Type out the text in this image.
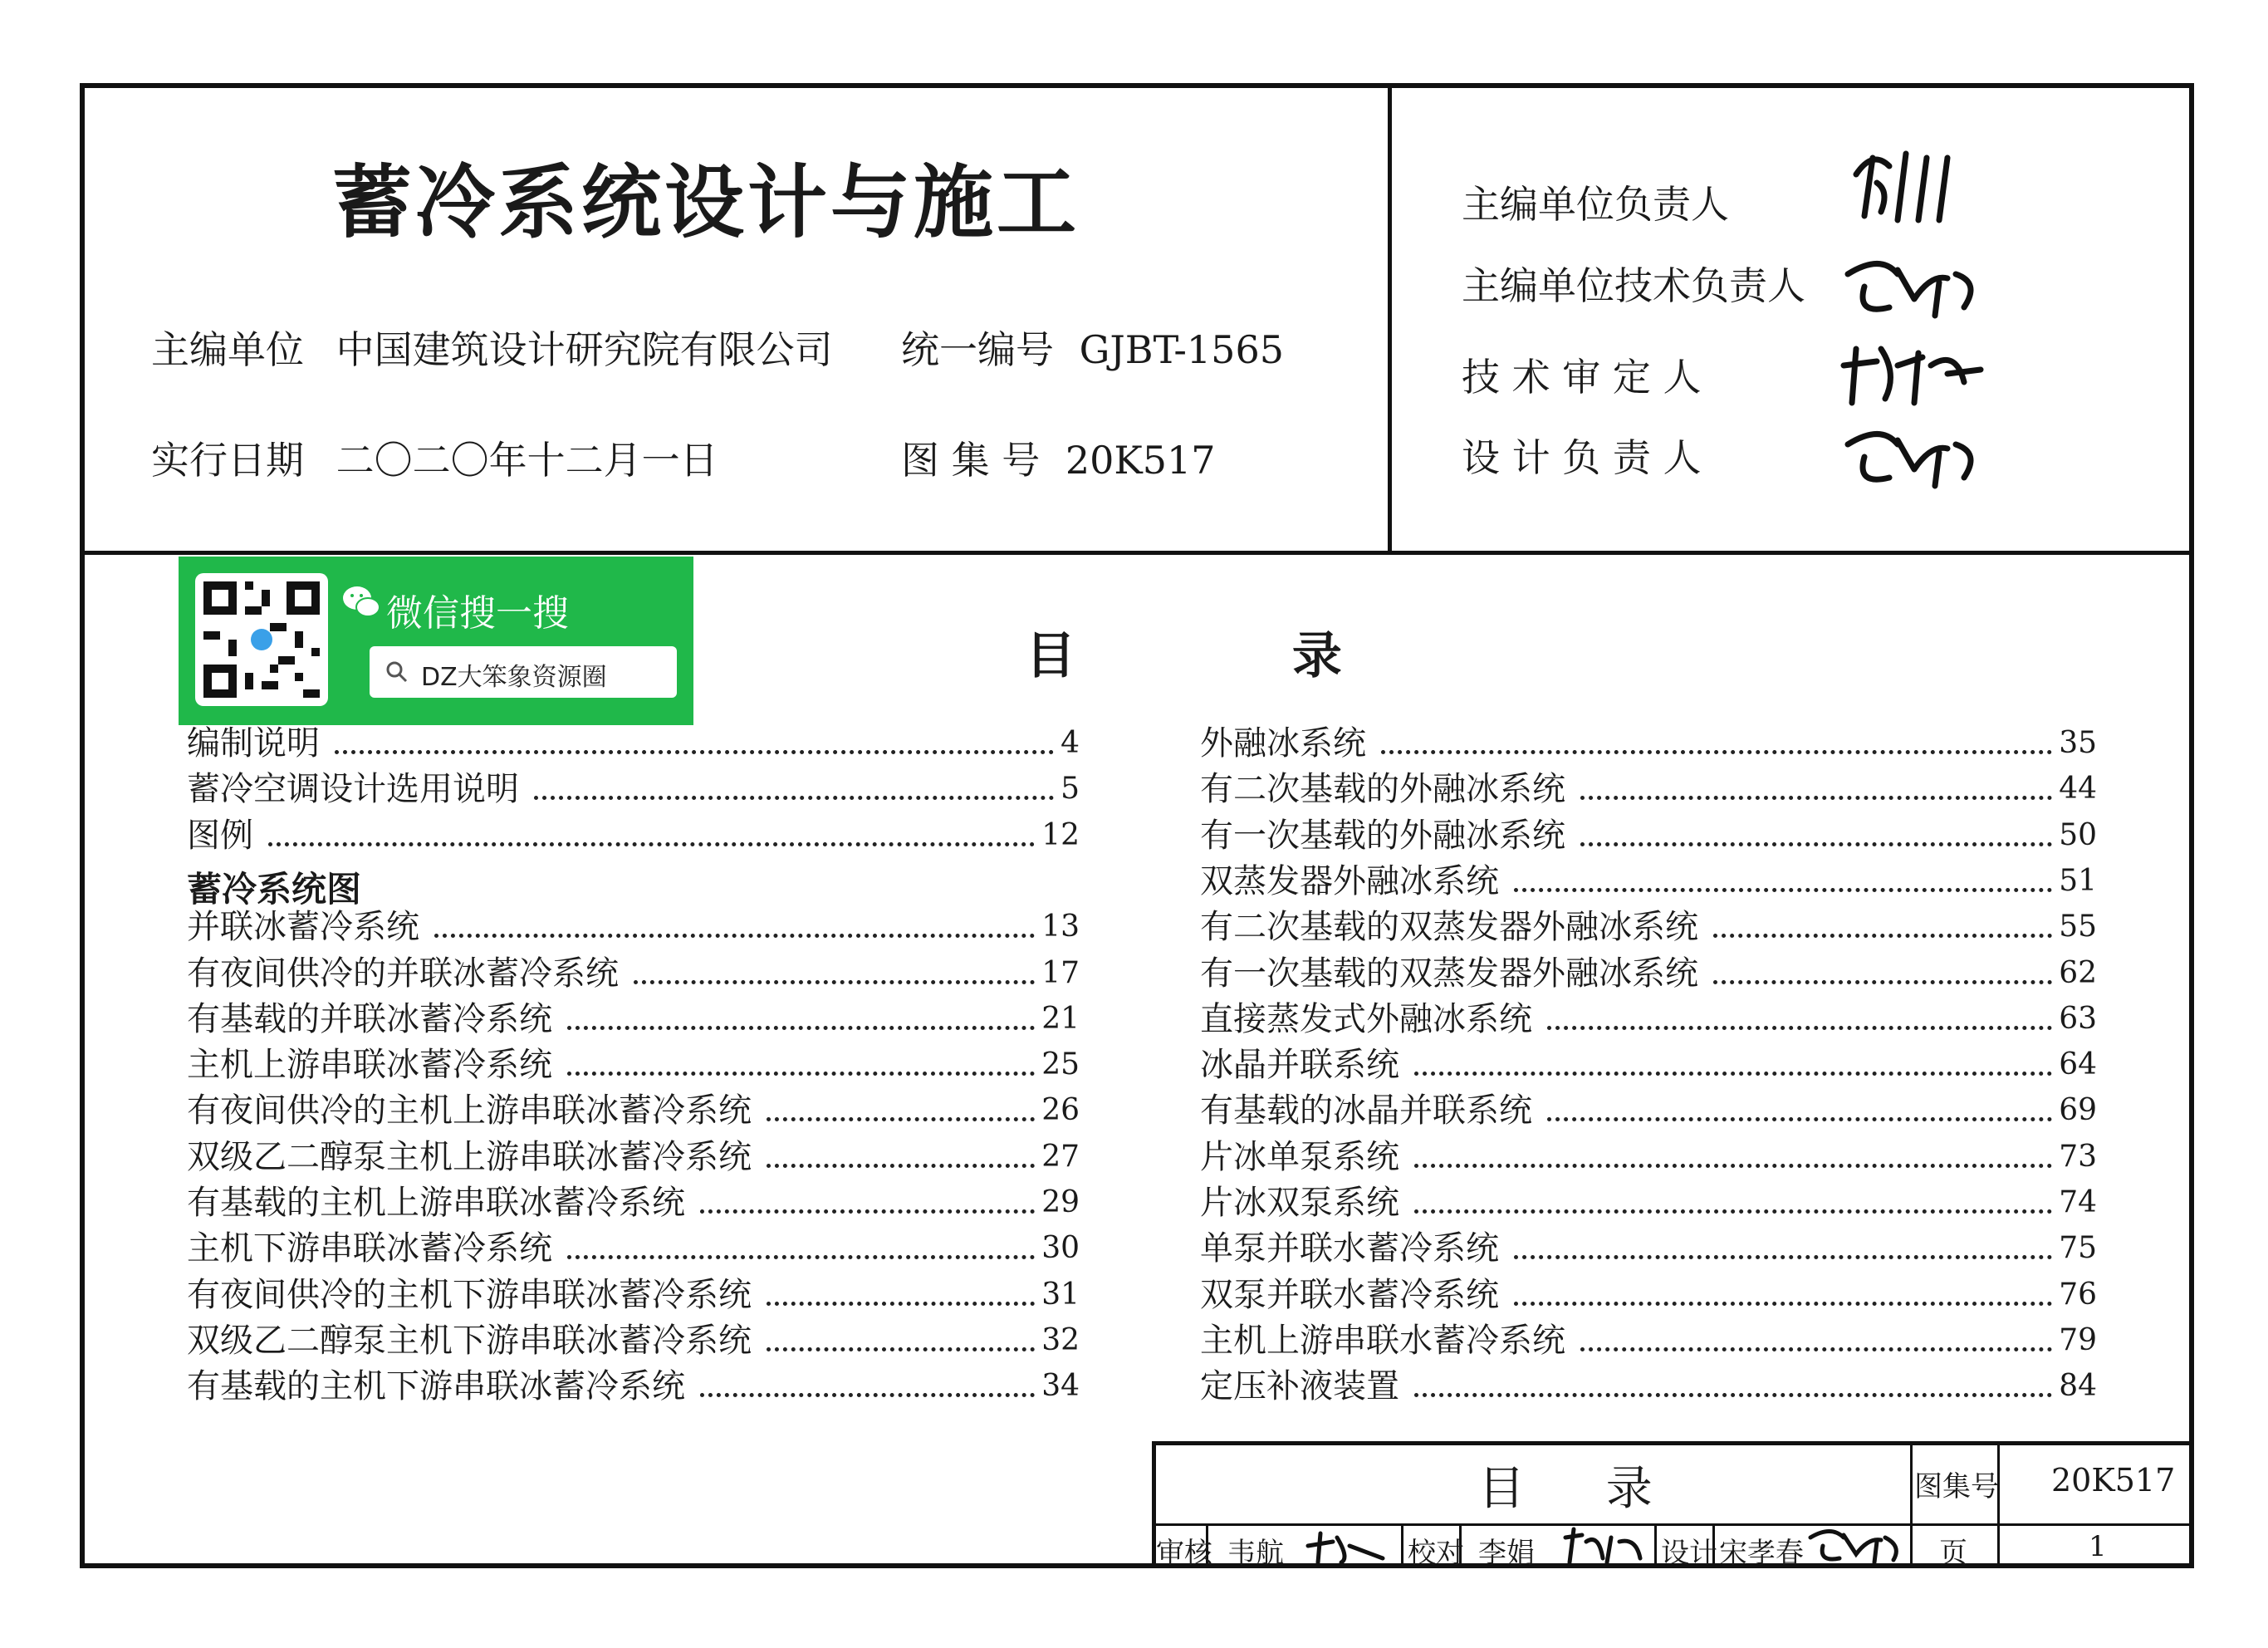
蓄冷系统设计与施工
主编单位 中国建筑设计研究院有限公司 统一编号 GJBT-1565
实行日期 二〇二〇年十二月一日	图 集 号 20K517
主编单位负责人
主编单位技术负责人
技 术 审 定 人
设 计 负 责 人
微信搜一搜
DZ大笨象资源圈	目 录
编制说明	4
蓄冷空调设计选用说明	5
图例	12
蓄冷系统图
并联冰蓄冷系统	13
有夜间供冷的并联冰蓄冷系统	17
有基载的并联冰蓄冷系统	21
主机上游串联冰蓄冷系统	25
有夜间供冷的主机上游串联冰蓄冷系统	26
双级乙二醇泵主机上游串联冰蓄冷系统	27
有基载的主机上游串联冰蓄冷系统	29
主机下游串联冰蓄冷系统	30
有夜间供冷的主机下游串联冰蓄冷系统	31
双级乙二醇泵主机下游串联冰蓄冷系统	32
有基载的主机下游串联冰蓄冷系统	34
外融冰系统	35
有二次基载的外融冰系统	44
有一次基载的外融冰系统	50
双蒸发器外融冰系统	51
有二次基载的双蒸发器外融冰系统	55
有一次基载的双蒸发器外融冰系统	62
直接蒸发式外融冰系统	63
冰晶并联系统	64
有基载的冰晶并联系统	69
片冰单泵系统	73
片冰双泵系统	74
单泵并联水蓄冷系统	75
双泵并联水蓄冷系统	76
主机上游串联水蓄冷系统	79
定压补液装置	84
目 录	图集号 20K517
审核 韦航	校对 李娟	设计 宋孝春	页	1
